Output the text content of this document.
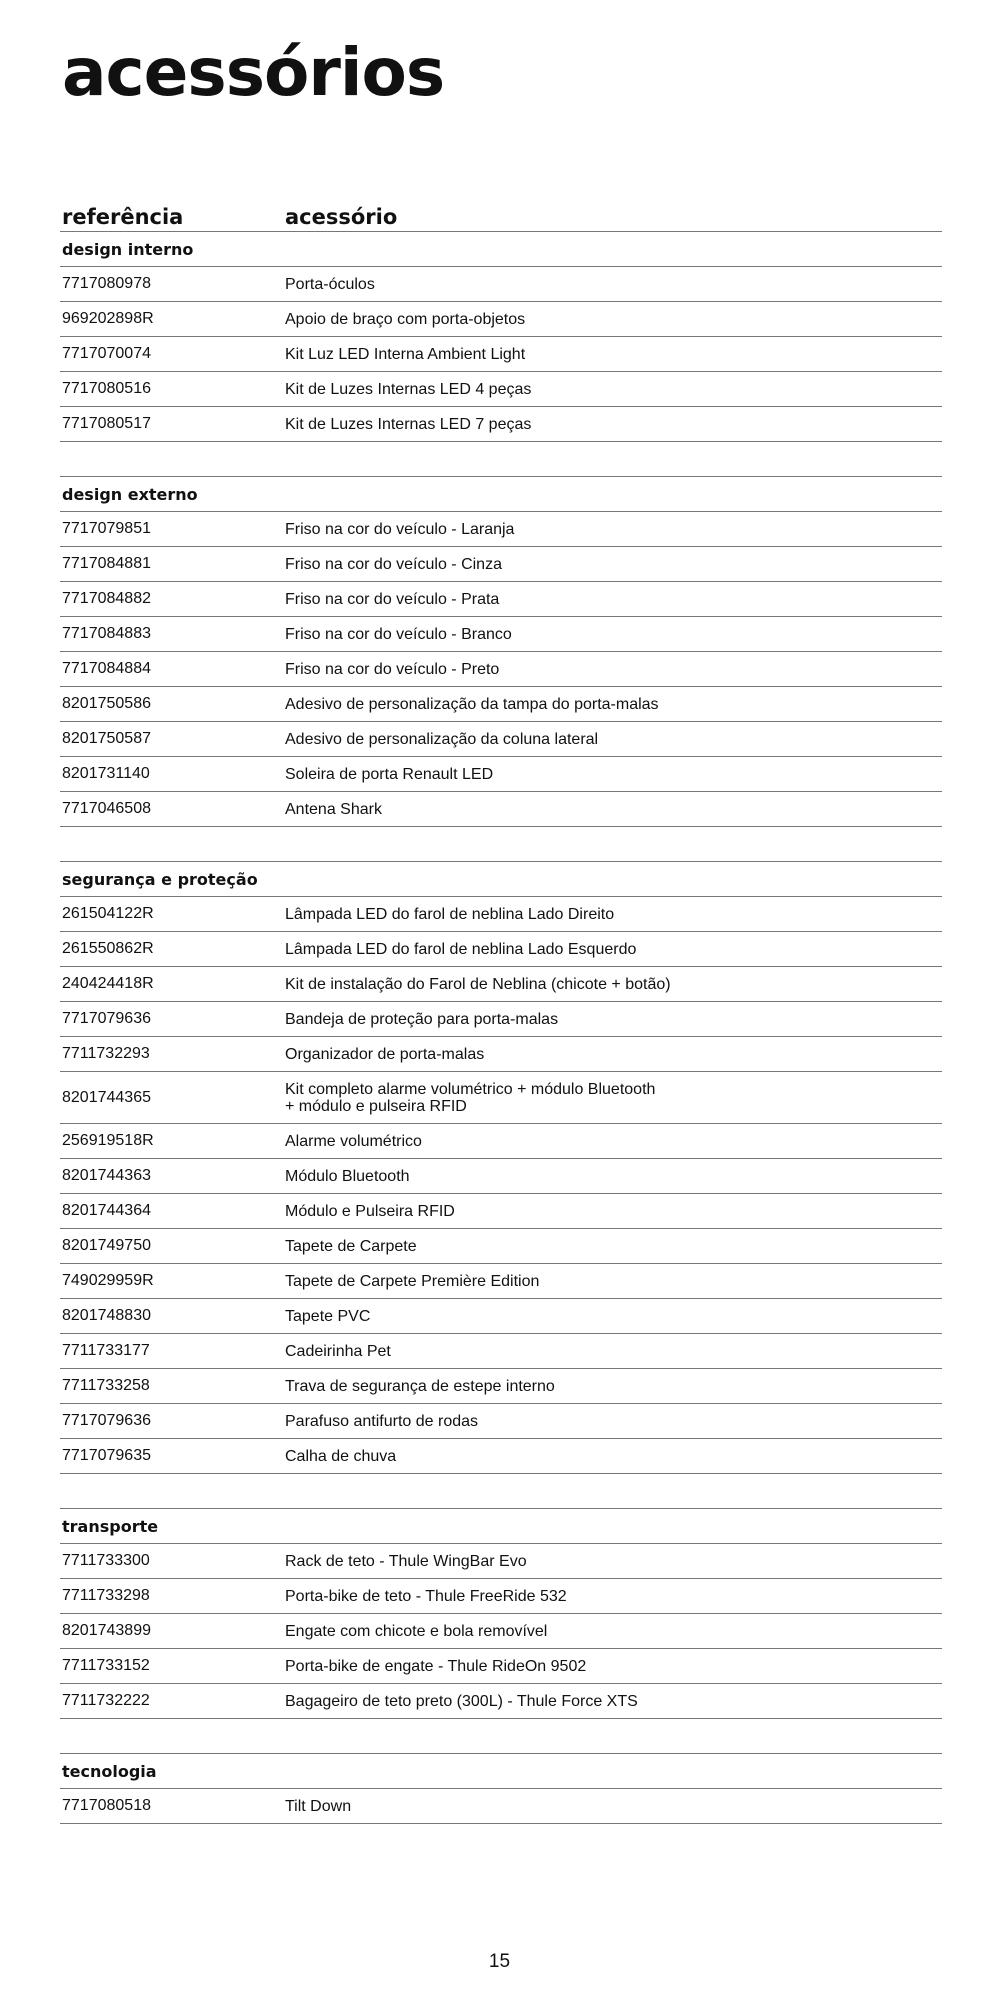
acessórios
referência	acessório
design interno
7717080978	Porta-óculos
969202898R	Apoio de braço com porta-objetos
7717070074	Kit Luz LED Interna Ambient Light
7717080516	Kit de Luzes Internas LED 4 peças
7717080517	Kit de Luzes Internas LED 7 peças
design externo
7717079851	Friso na cor do veículo - Laranja
7717084881	Friso na cor do veículo - Cinza
7717084882	Friso na cor do veículo - Prata
7717084883	Friso na cor do veículo - Branco
7717084884	Friso na cor do veículo - Preto
8201750586	Adesivo de personalização da tampa do porta-malas
8201750587	Adesivo de personalização da coluna lateral
8201731140	Soleira de porta Renault LED
7717046508	Antena Shark
segurança e proteção
261504122R	Lâmpada LED do farol de neblina Lado Direito
261550862R	Lâmpada LED do farol de neblina Lado Esquerdo
240424418R	Kit de instalação do Farol de Neblina (chicote + botão)
7717079636	Bandeja de proteção para porta-malas
7711732293	Organizador de porta-malas
8201744365	Kit completo alarme volumétrico + módulo Bluetooth
+ módulo e pulseira RFID
256919518R	Alarme volumétrico
8201744363	Módulo Bluetooth
8201744364	Módulo e Pulseira RFID
8201749750	Tapete de Carpete
749029959R	Tapete de Carpete Première Edition
8201748830	Tapete PVC
7711733177	Cadeirinha Pet
7711733258	Trava de segurança de estepe interno
7717079636	Parafuso antifurto de rodas
7717079635	Calha de chuva
transporte
7711733300	Rack de teto - Thule WingBar Evo
7711733298	Porta-bike de teto - Thule FreeRide 532
8201743899	Engate com chicote e bola removível
7711733152	Porta-bike de engate - Thule RideOn 9502
7711732222	Bagageiro de teto preto (300L) - Thule Force XTS
tecnologia
7717080518	Tilt Down
15
